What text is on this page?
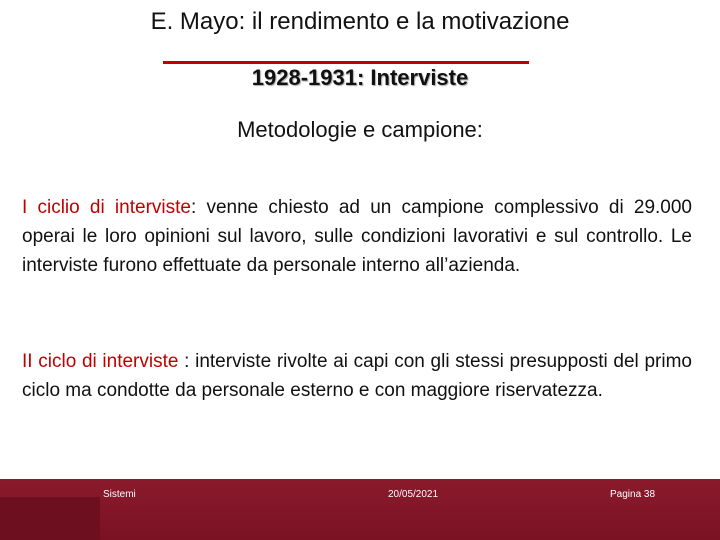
E. Mayo: il rendimento e la motivazione
1928-1931: Interviste
Metodologie e campione:
I ciclio di interviste: venne chiesto ad un campione complessivo di 29.000 operai le loro opinioni sul lavoro, sulle condizioni lavorativi e sul controllo. Le interviste furono effettuate da personale interno all’azienda.
II ciclo di interviste : interviste rivolte ai capi con gli stessi presupposti del primo ciclo ma condotte da personale esterno e con maggiore riservatezza.
Sistemi	20/05/2021	Pagina 38
